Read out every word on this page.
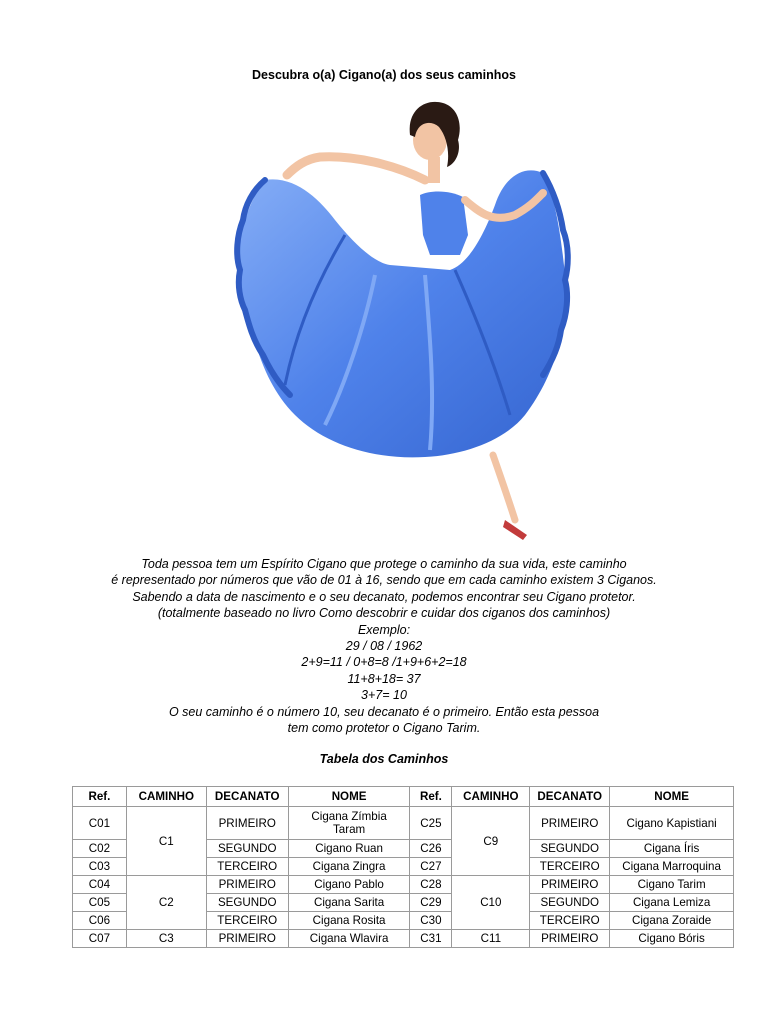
Descubra o(a) Cigano(a) dos seus caminhos
Toda pessoa tem um Espírito Cigano que protege o caminho da sua vida, este caminho
é representado por números que vão de 01 à 16, sendo que em cada caminho existem 3 Ciganos.
Sabendo a data de nascimento e o seu decanato, podemos encontrar seu Cigano protetor.
(totalmente baseado no livro Como descobrir e cuidar dos ciganos dos caminhos)
Exemplo:
29 / 08 / 1962
2+9=11 / 0+8=8 /1+9+6+2=18
11+8+18= 37
3+7= 10
O seu caminho é o número 10, seu decanato é o primeiro. Então esta pessoa
tem como protetor o Cigano Tarim.
Tabela dos Caminhos
Ref.	CAMINHO	DECANATO	NOME	Ref.	CAMINHO	DECANATO	NOME
C01	C1	PRIMEIRO	Cigana Zímbia Taram	C25	C9	PRIMEIRO	Cigano Kapistiani
C02		SEGUNDO	Cigano Ruan	C26		SEGUNDO	Cigana Íris
C03		TERCEIRO	Cigana Zingra	C27		TERCEIRO	Cigana Marroquina
C04	C2	PRIMEIRO	Cigano Pablo	C28	C10	PRIMEIRO	Cigano Tarim
C05		SEGUNDO	Cigana Sarita	C29		SEGUNDO	Cigana Lemiza
C06		TERCEIRO	Cigana Rosita	C30		TERCEIRO	Cigana Zoraide
C07	C3	PRIMEIRO	Cigana Wlavira	C31	C11	PRIMEIRO	Cigano Bóris
